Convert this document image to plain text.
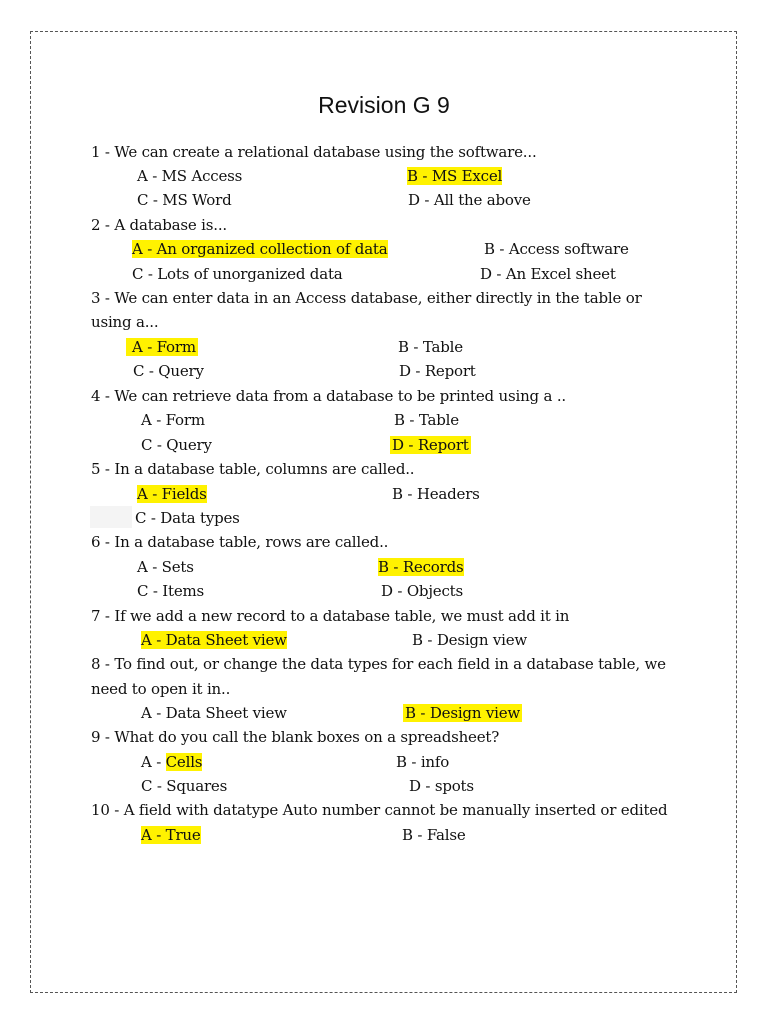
Revision G 9
1 - We can create a relational database using the software...
A - MS Access	B - MS Excel
C - MS Word	D - All the above
2 - A database is...
A - An organized collection of data	B - Access software
C - Lots of unorganized data	D - An Excel sheet
3 - We can enter data in an Access database, either directly in the table or
using a...
A - Form	B - Table
C - Query	D - Report
4 - We can retrieve data from a database to be printed using a ..
A - Form	B - Table
C - Query	D - Report
5 - In a database table, columns are called..
A - Fields	B - Headers
C - Data types
6 - In a database table, rows are called..
A - Sets	B - Records
C - Items	D - Objects
7 - If we add a new record to a database table, we must add it in
A - Data Sheet view	B - Design view
8 - To find out, or change the data types for each field in a database table, we
need to open it in..
A - Data Sheet view	B - Design view
9 - What do you call the blank boxes on a spreadsheet?
A - Cells	B - info
C - Squares	D - spots
10 - A field with datatype Auto number cannot be manually inserted or edited
A - True	B - False
